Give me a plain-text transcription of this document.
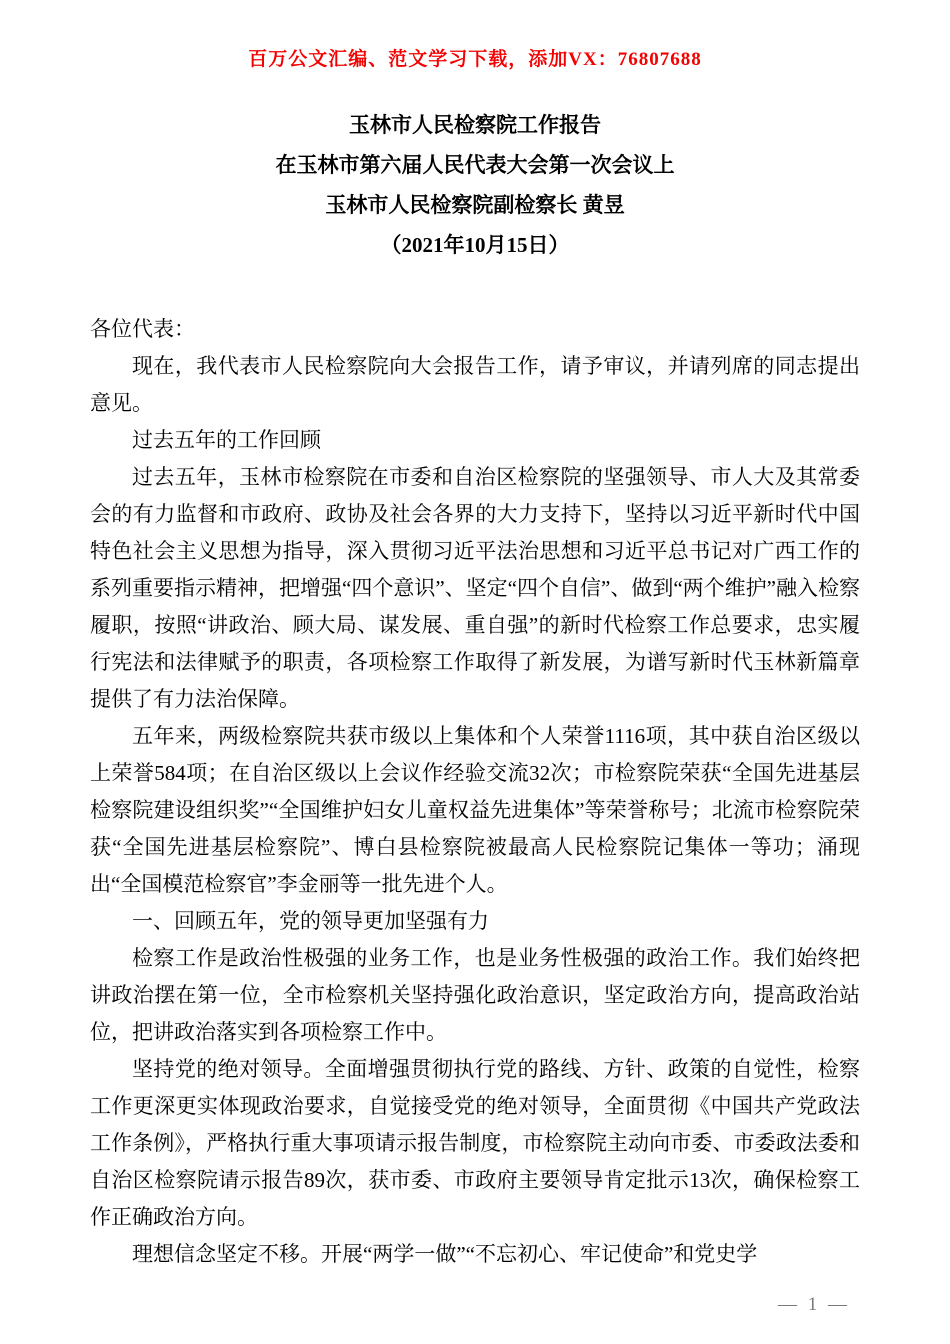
百万公文汇编、范文学习下载，添加VX：76807688
玉林市人民检察院工作报告
在玉林市第六届人民代表大会第一次会议上
玉林市人民检察院副检察长 黄昱
（2021年10月15日）

各位代表：

现在，我代表市人民检察院向大会报告工作，请予审议，并请列席的同志提出意见。

过去五年的工作回顾

过去五年，玉林市检察院在市委和自治区检察院的坚强领导、市人大及其常委会的有力监督和市政府、政协及社会各界的大力支持下，坚持以习近平新时代中国特色社会主义思想为指导，深入贯彻习近平法治思想和习近平总书记对广西工作的系列重要指示精神，把增强“四个意识”、坚定“四个自信”、做到“两个维护”融入检察履职，按照“讲政治、顾大局、谋发展、重自强”的新时代检察工作总要求，忠实履行宪法和法律赋予的职责，各项检察工作取得了新发展，为谱写新时代玉林新篇章提供了有力法治保障。

五年来，两级检察院共获市级以上集体和个人荣誉1116项，其中获自治区级以上荣誉584项；在自治区级以上会议作经验交流32次；市检察院荣获“全国先进基层检察院建设组织奖”“全国维护妇女儿童权益先进集体”等荣誉称号；北流市检察院荣获“全国先进基层检察院”、博白县检察院被最高人民检察院记集体一等功；涌现出“全国模范检察官”李金丽等一批先进个人。

一、回顾五年，党的领导更加坚强有力

检察工作是政治性极强的业务工作，也是业务性极强的政治工作。我们始终把讲政治摆在第一位，全市检察机关坚持强化政治意识，坚定政治方向，提高政治站位，把讲政治落实到各项检察工作中。

坚持党的绝对领导。全面增强贯彻执行党的路线、方针、政策的自觉性，检察工作更深更实体现政治要求，自觉接受党的绝对领导，全面贯彻《中国共产党政法工作条例》，严格执行重大事项请示报告制度，市检察院主动向市委、市委政法委和自治区检察院请示报告89次，获市委、市政府主要领导肯定批示13次，确保检察工作正确政治方向。

理想信念坚定不移。开展“两学一做”“不忘初心、牢记使命”和党史学

— 1 —
